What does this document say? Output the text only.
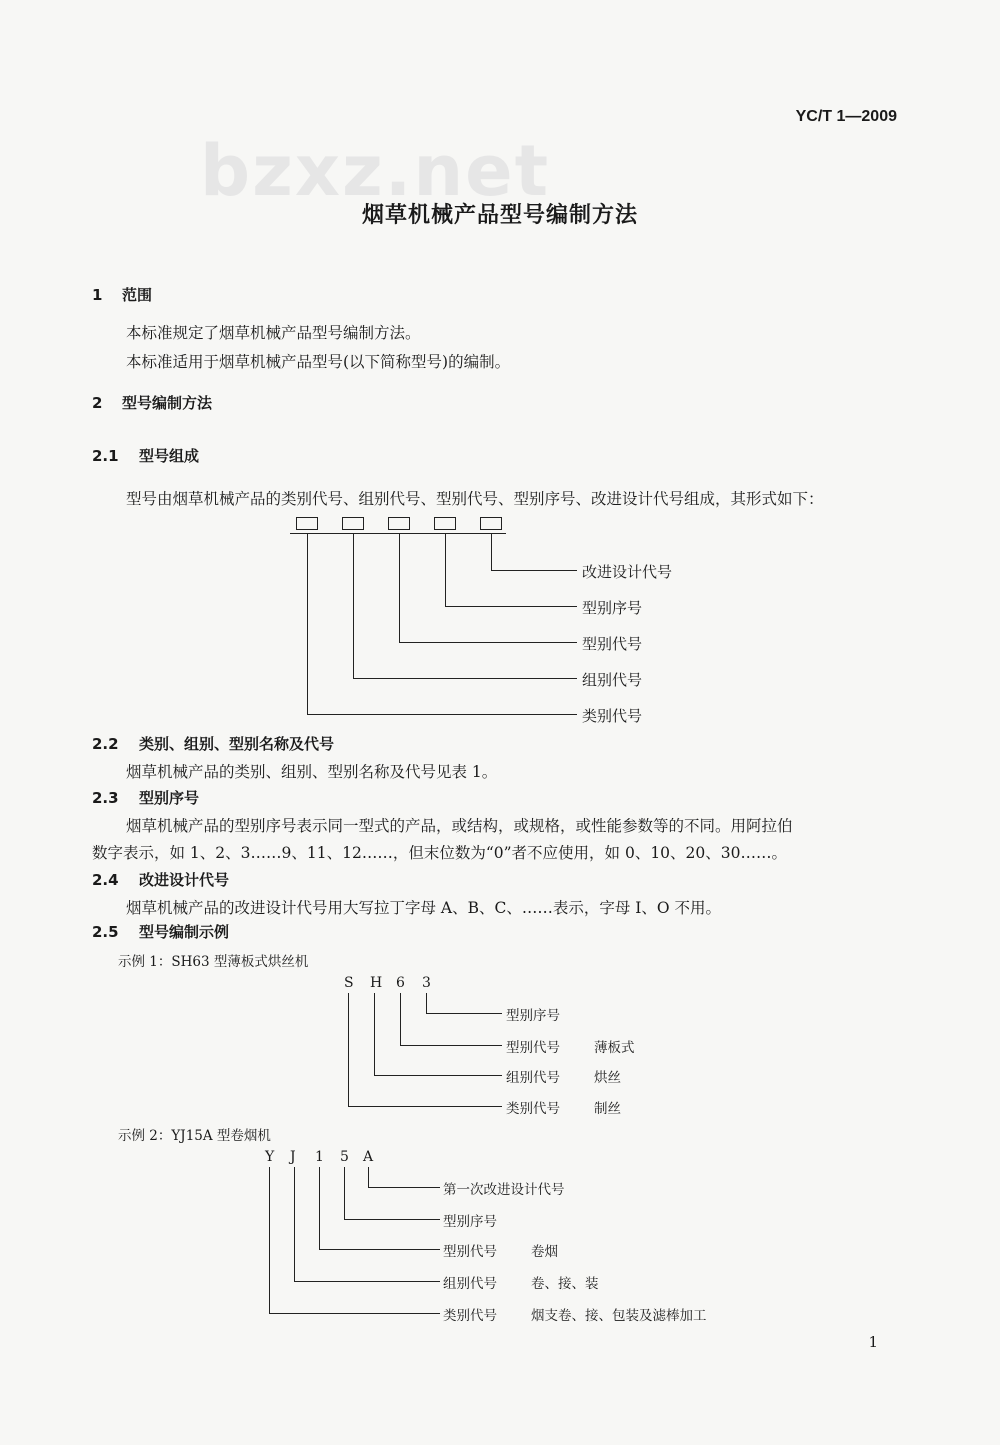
bzxz.net
YC/T 1—2009
烟草机械产品型号编制方法
1 范围
本标准规定了烟草机械产品型号编制方法。
本标准适用于烟草机械产品型号(以下简称型号)的编制。
2 型号编制方法
2.1 型号组成
型号由烟草机械产品的类别代号、组别代号、型别代号、型别序号、改进设计代号组成，其形式如下：
改进设计代号
型别序号
型别代号
组别代号
类别代号
2.2 类别、组别、型别名称及代号
烟草机械产品的类别、组别、型别名称及代号见表 1。
2.3 型别序号
烟草机械产品的型别序号表示同一型式的产品，或结构，或规格，或性能参数等的不同。用阿拉伯
数字表示，如 1、2、3……9、11、12……，但末位数为“0”者不应使用，如 0、10、20、30……。
2.4 改进设计代号
烟草机械产品的改进设计代号用大写拉丁字母 A、B、C、……表示，字母 I、O 不用。
2.5 型号编制示例
示例 1：SH63 型薄板式烘丝机
S H 6 3
型别序号
型别代号
组别代号
类别代号
薄板式
烘丝
制丝
示例 2：YJ15A 型卷烟机
Y J 1 5 A
第一次改进设计代号
型别序号
型别代号
组别代号
类别代号
卷烟
卷、接、装
烟支卷、接、包装及滤棒加工
1
